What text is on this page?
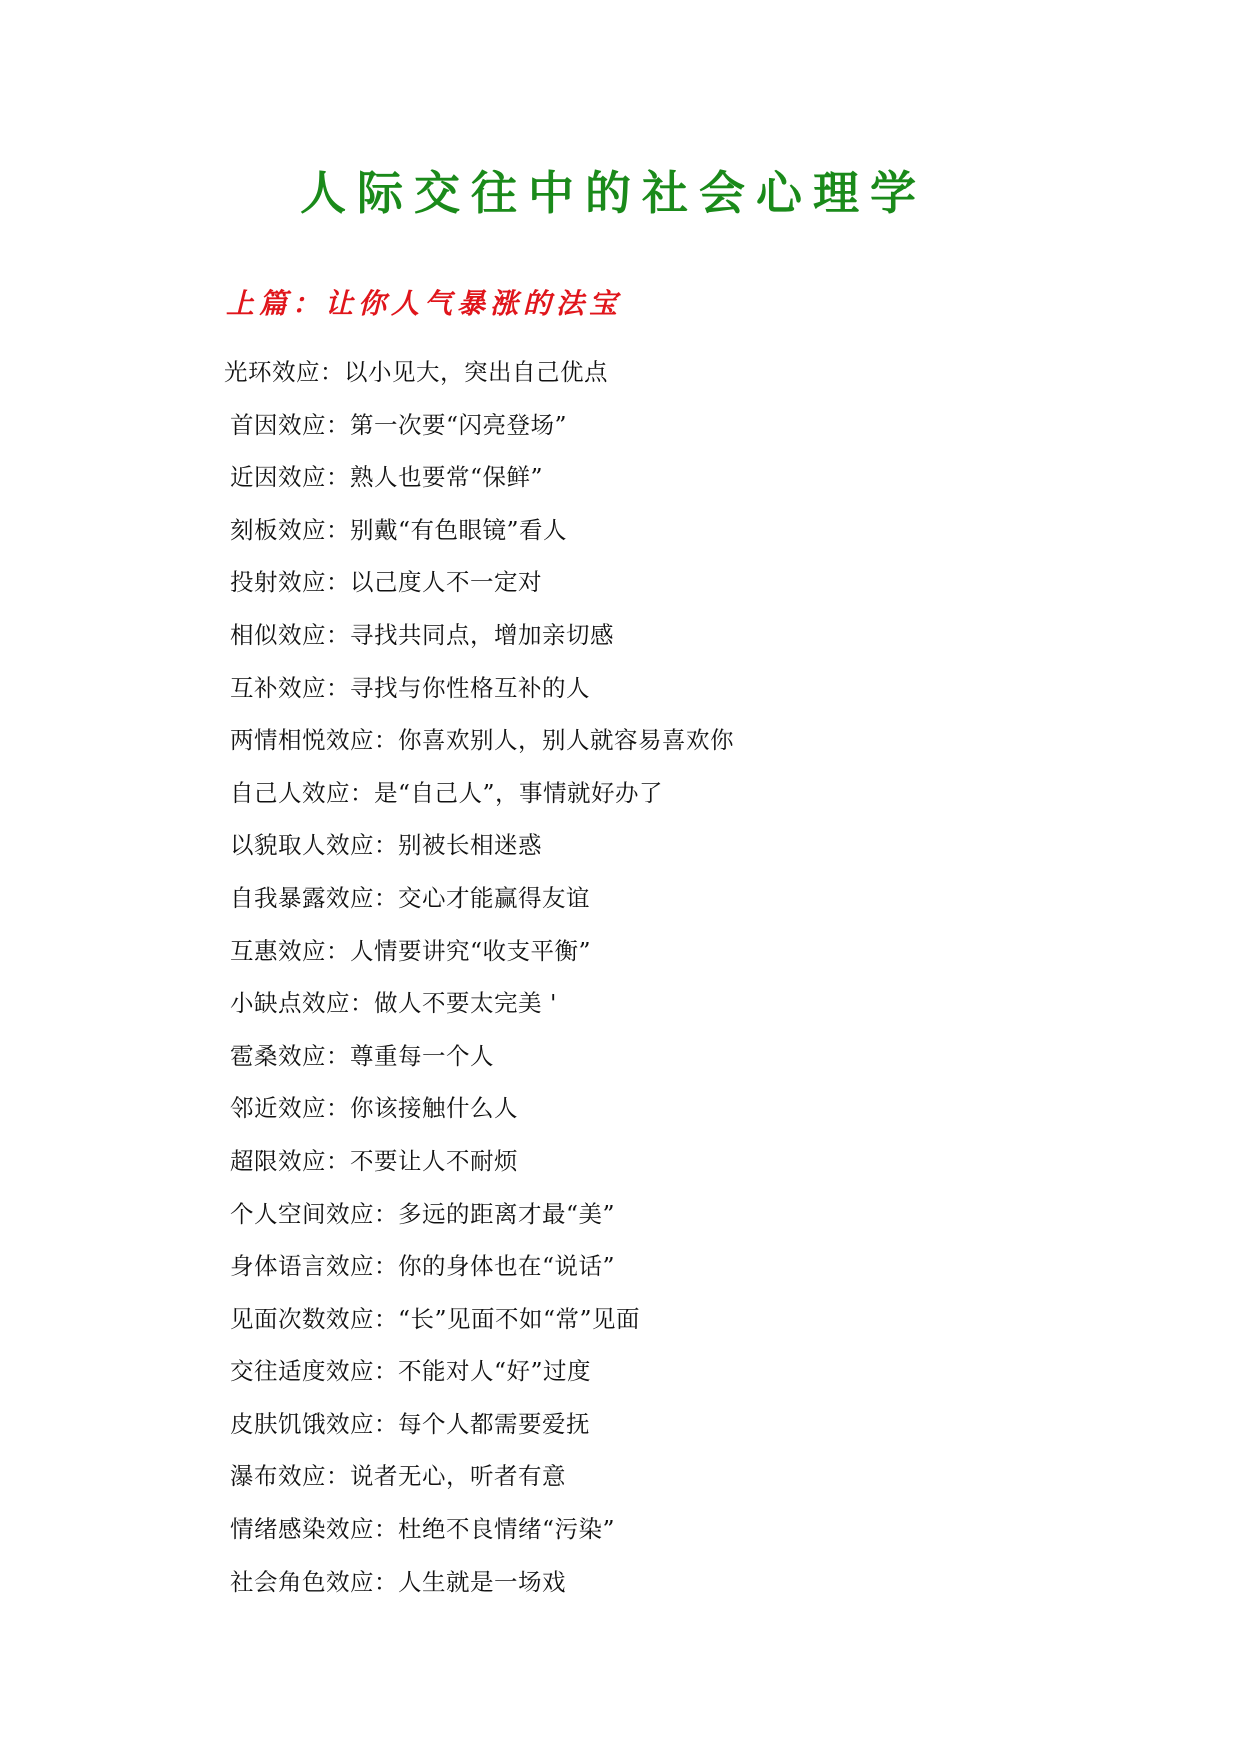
人际交往中的社会心理学
上篇：让你人气暴涨的法宝
光环效应：以小见大，突出自己优点
首因效应：第一次要“闪亮登场”
近因效应：熟人也要常“保鲜”
刻板效应：别戴“有色眼镜”看人
投射效应：以己度人不一定对
相似效应：寻找共同点，增加亲切感
互补效应：寻找与你性格互补的人
两情相悦效应：你喜欢别人，别人就容易喜欢你
自己人效应：是“自己人”，事情就好办了
以貌取人效应：别被长相迷惑
自我暴露效应：交心才能赢得友谊
互惠效应：人情要讲究“收支平衡”
小缺点效应：做人不要太完美 '
雹桑效应：尊重每一个人
邻近效应：你该接触什么人
超限效应：不要让人不耐烦
个人空间效应：多远的距离才最“美”
身体语言效应：你的身体也在“说话”
见面次数效应：“长”见面不如“常”见面
交往适度效应：不能对人“好”过度
皮肤饥饿效应：每个人都需要爱抚
瀑布效应：说者无心，听者有意
情绪感染效应：杜绝不良情绪“污染”
社会角色效应：人生就是一场戏
